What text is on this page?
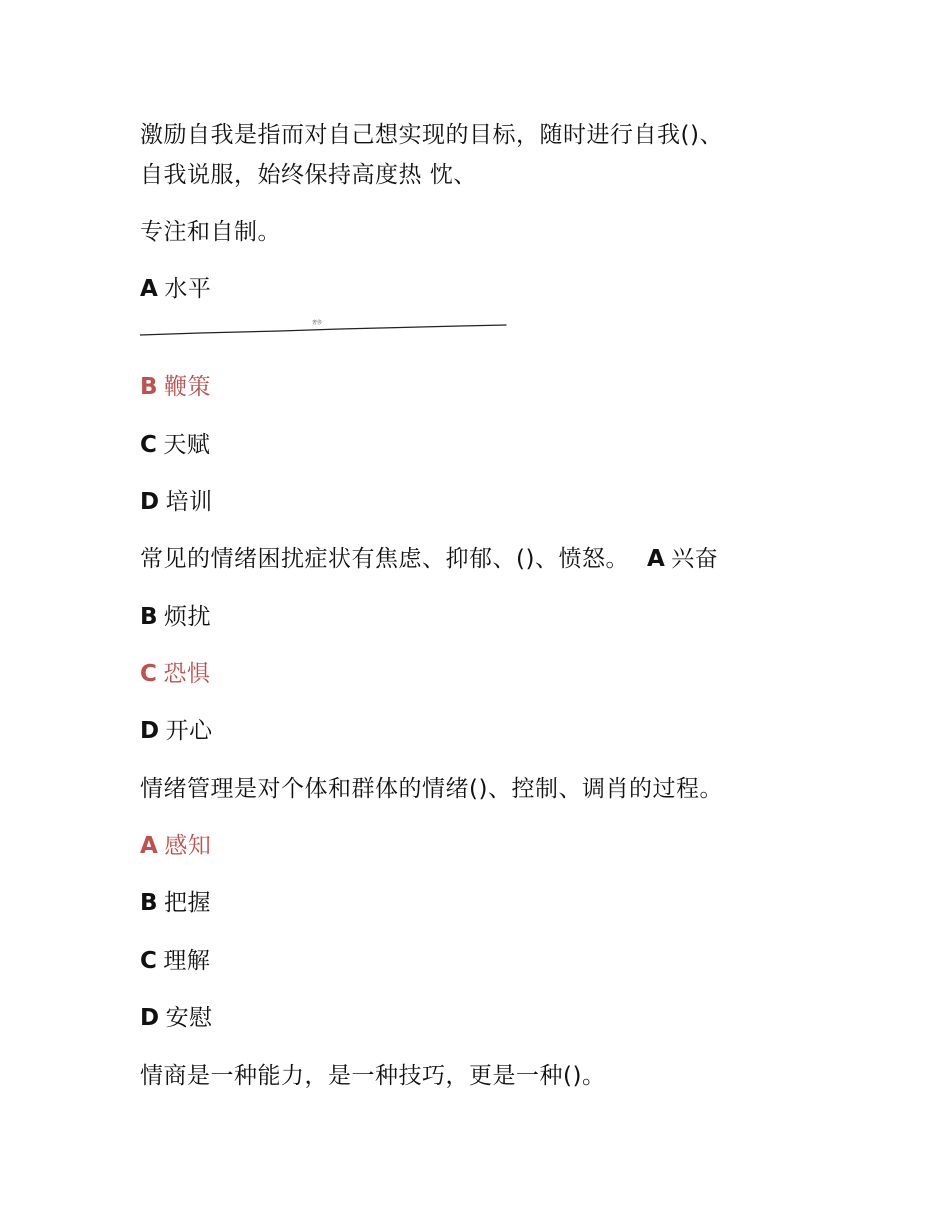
激励自我是指而对自己想实现的目标，随时进行自我()、
自我说服，始终保持高度热 忱、
专注和自制。
A 水平
奢侈
B 鞭策
C 天赋
D 培训
常见的情绪困扰症状有焦虑、抑郁、()、愤怒。 A 兴奋
B 烦扰
C 恐惧
D 开心
情绪管理是对个体和群体的情绪()、控制、调肖的过程。
A 感知
B 把握
C 理解
D 安慰
情商是一种能力，是一种技巧，更是一种()。
